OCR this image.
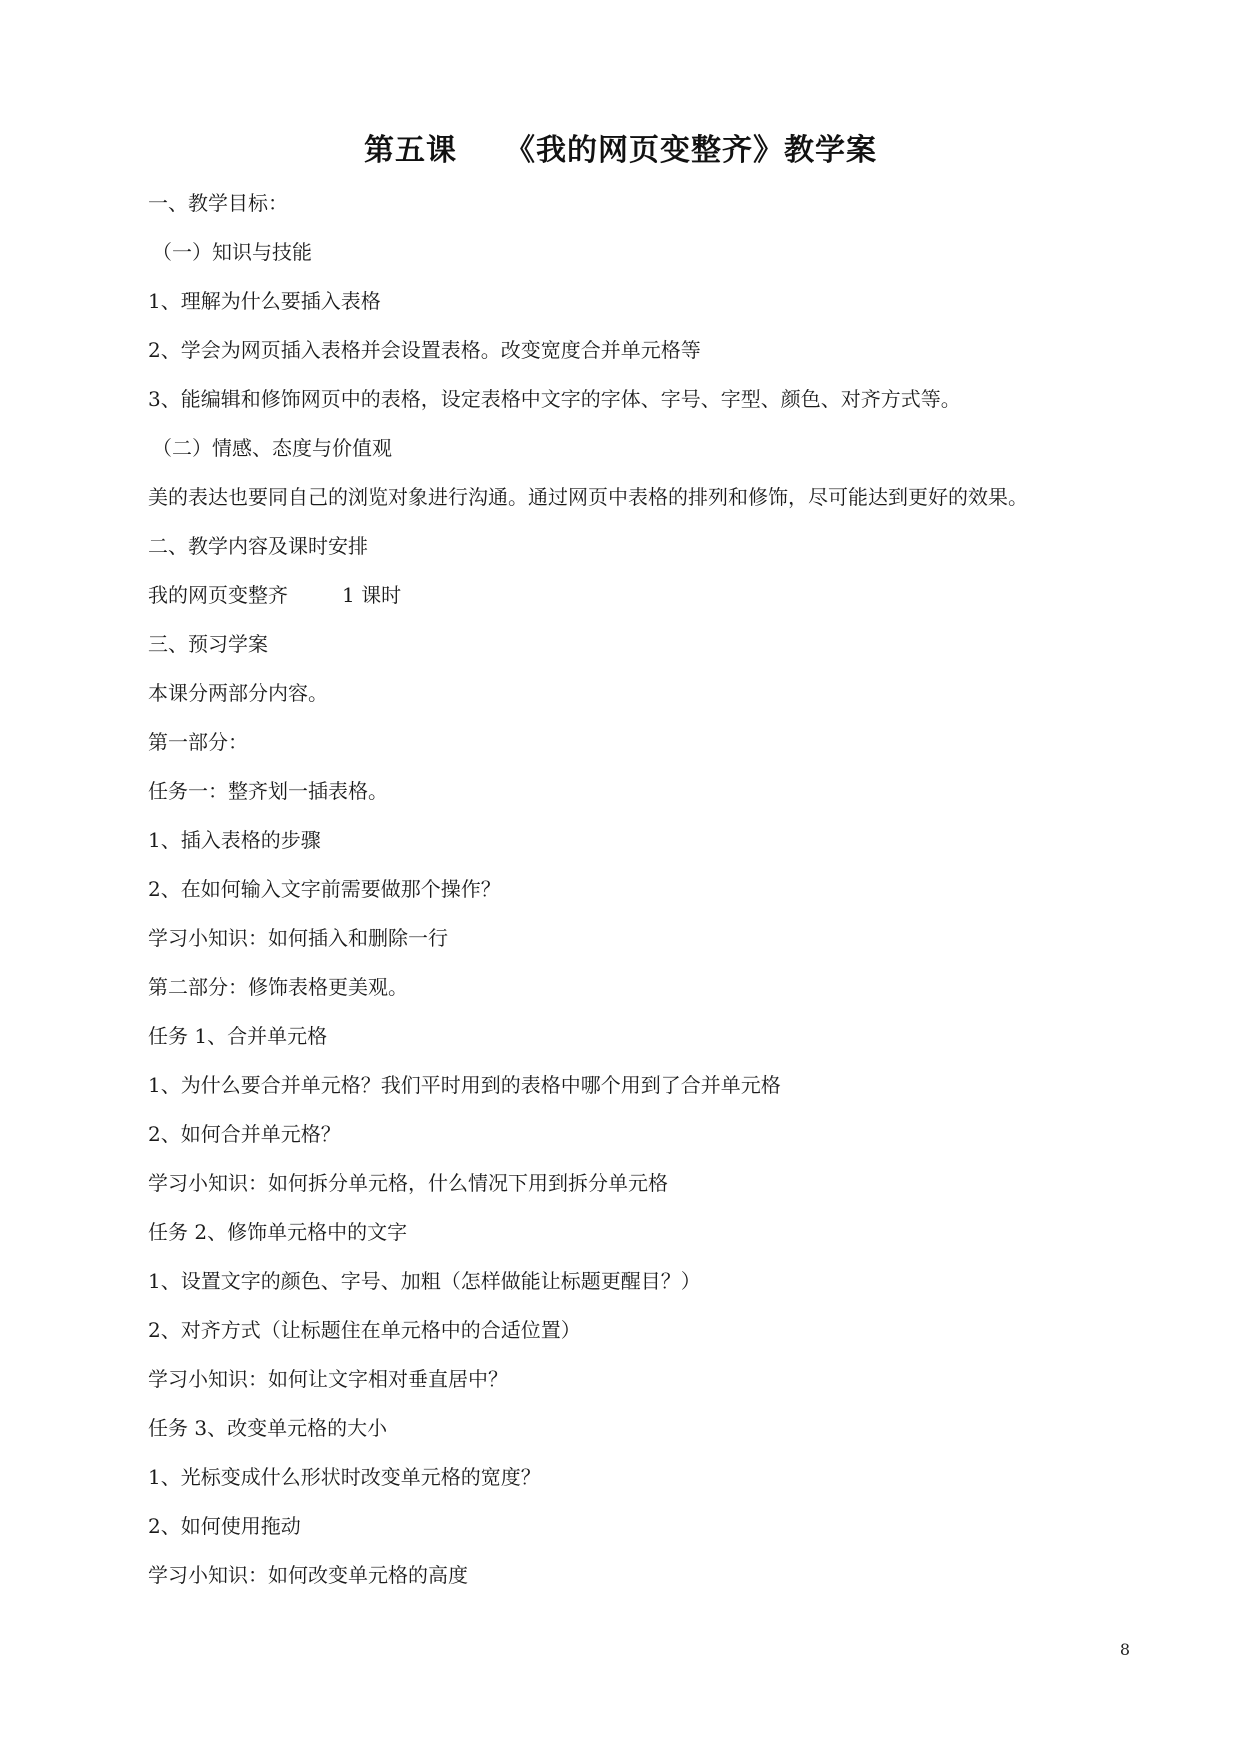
第五课 《我的网页变整齐》教学案
一、教学目标：
（一）知识与技能
1、理解为什么要插入表格
2、学会为网页插入表格并会设置表格。改变宽度合并单元格等
3、能编辑和修饰网页中的表格，设定表格中文字的字体、字号、字型、颜色、对齐方式等。
（二）情感、态度与价值观
美的表达也要同自己的浏览对象进行沟通。通过网页中表格的排列和修饰，尽可能达到更好的效果。
二、教学内容及课时安排
我的网页变整齐	1 课时
三、预习学案
本课分两部分内容。
第一部分：
任务一：整齐划一插表格。
1、插入表格的步骤
2、在如何输入文字前需要做那个操作？
学习小知识：如何插入和删除一行
第二部分：修饰表格更美观。
任务 1、合并单元格
1、为什么要合并单元格？我们平时用到的表格中哪个用到了合并单元格
2、如何合并单元格？
学习小知识：如何拆分单元格，什么情况下用到拆分单元格
任务 2、修饰单元格中的文字
1、设置文字的颜色、字号、加粗（怎样做能让标题更醒目？）
2、对齐方式（让标题住在单元格中的合适位置）
学习小知识：如何让文字相对垂直居中？
任务 3、改变单元格的大小
1、光标变成什么形状时改变单元格的宽度？
2、如何使用拖动
学习小知识：如何改变单元格的高度
8
